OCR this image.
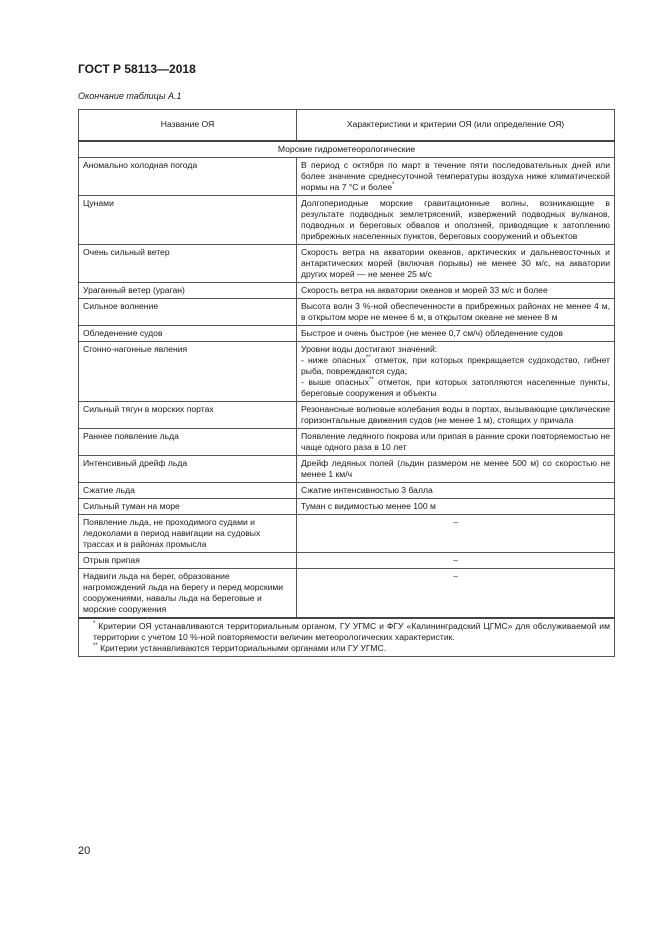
ГОСТ Р 58113—2018

Окончание таблицы А.1

Название ОЯ	Характеристики и критерии ОЯ (или определение ОЯ)
Морские гидрометеорологические	
Аномально холодная погода	В период с октября по март в течение пяти последовательных дней или более значение среднесуточной температуры воздуха ниже климатической нормы на 7 °С и более*
Цунами	Долгопериодные морские гравитационные волны, возникающие в результате подводных землетрясений, извержений подводных вулканов, подводных и береговых обвалов и оползней, приводящие к затоплению прибрежных населенных пунктов, береговых сооружений и объектов
Очень сильный ветер	Скорость ветра на акватории океанов, арктических и дальневосточных и антарктических морей (включая порывы) не менее 30 м/с, на акватории других морей — не менее 25 м/с
Ураганный ветер (ураган)	Скорость ветра на акватории океанов и морей 33 м/с и более
Сильное волнение	Высота волн 3 %-ной обеспеченности в прибрежных районах не менее 4 м, в открытом море не менее 6 м, в открытом океане не менее 8 м
Обледенение судов	Быстрое и очень быстрое (не менее 0,7 см/ч) обледенение судов
Сгонно-нагонные явления	Уровни воды достигают значений:
- ниже опасных** отметок, при которых прекращается судоходство, гибнет рыба, повреждаются суда;
- выше опасных** отметок, при которых затопляются населенные пункты, береговые сооружения и объекты

Сильный тягун в морских портах	Резонансные волновые колебания воды в портах, вызывающие циклические горизонтальные движения судов (не менее 1 м), стоящих у причала
Раннее появление льда	Появление ледяного покрова или припая в ранние сроки повторяемостью не чаще одного раза в 10 лет
Интенсивный дрейф льда	Дрейф ледяных полей (льдин размером не менее 500 м) со скоростью не менее 1 км/ч
Сжатие льда	Сжатие интенсивностью 3 балла
Сильный туман на море	Туман с видимостью менее 100 м
Появление льда, не проходимого судами и ледоколами в период навигации на судовых трассах и в районах промысла	–
Отрыв припая	–
Надвиги льда на берег, образование нагромождений льда на берегу и перед морскими сооружениями, навалы льда на береговые и морские сооружения	–

* Критерии ОЯ устанавливаются территориальным органом, ГУ УГМС и ФГУ «Калининградский ЦГМС» для обслуживаемой им территории с учетом 10 %-ной повторяемости величин метеорологических характеристик.
** Критерии устанавливаются территориальными органами или ГУ УГМС.	

20
